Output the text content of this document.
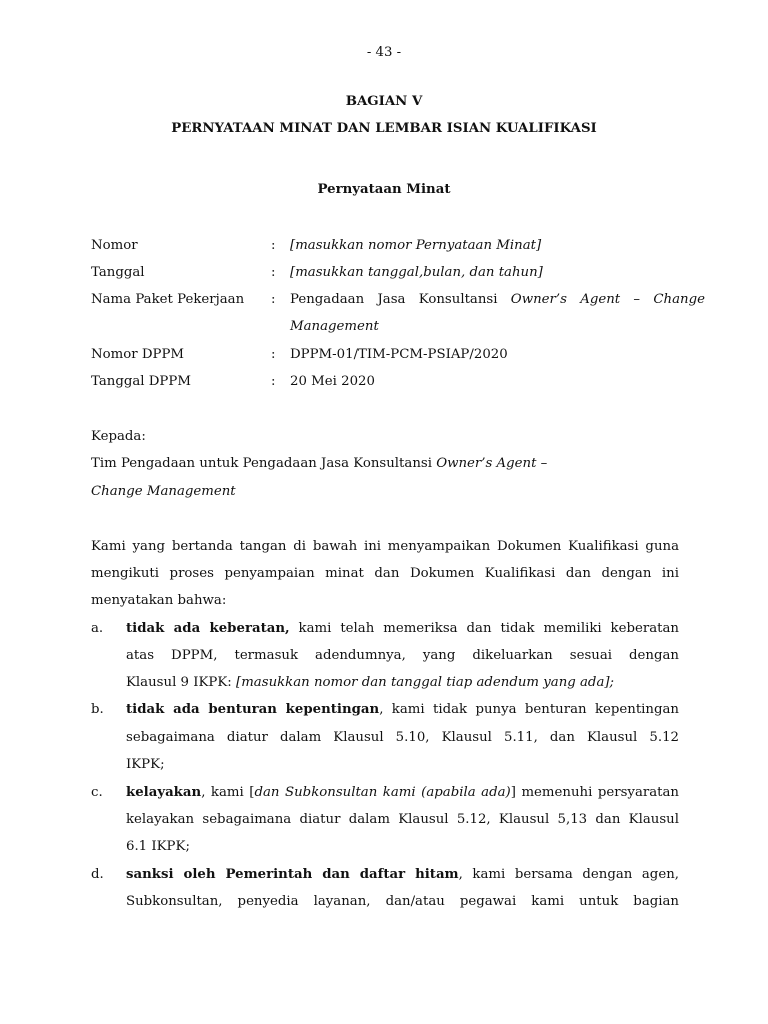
- 43 -
BAGIAN V
PERNYATAAN MINAT DAN LEMBAR ISIAN KUALIFIKASI
Pernyataan Minat
Nomor	: [masukkan nomor Pernyataan Minat]
Tanggal	: [masukkan tanggal,bulan, dan tahun]
Nama Paket Pekerjaan : Pengadaan Jasa Konsultansi Owner’s Agent – Change
Management
Nomor DPPM	: DPPM-01/TIM-PCM-PSIAP/2020
Tanggal DPPM	: 20 Mei 2020
Kepada:
Tim Pengadaan untuk Pengadaan Jasa Konsultansi Owner’s Agent –
Change Management
Kami yang bertanda tangan di bawah ini menyampaikan Dokumen Kualifikasi guna
mengikuti proses penyampaian minat dan Dokumen Kualifikasi dan dengan ini
menyatakan bahwa:
a. tidak ada keberatan, kami telah memeriksa dan tidak memiliki keberatan
atas DPPM, termasuk adendumnya, yang dikeluarkan sesuai dengan
Klausul 9 IKPK: [masukkan nomor dan tanggal tiap adendum yang ada];
b. tidak ada benturan kepentingan, kami tidak punya benturan kepentingan
sebagaimana diatur dalam Klausul 5.10, Klausul 5.11, dan Klausul 5.12
IKPK;
c. kelayakan, kami [dan Subkonsultan kami (apabila ada)] memenuhi persyaratan
kelayakan sebagaimana diatur dalam Klausul 5.12, Klausul 5,13 dan Klausul
6.1 IKPK;
d. sanksi oleh Pemerintah dan daftar hitam, kami bersama dengan agen,
Subkonsultan, penyedia layanan, dan/atau pegawai kami untuk bagian
